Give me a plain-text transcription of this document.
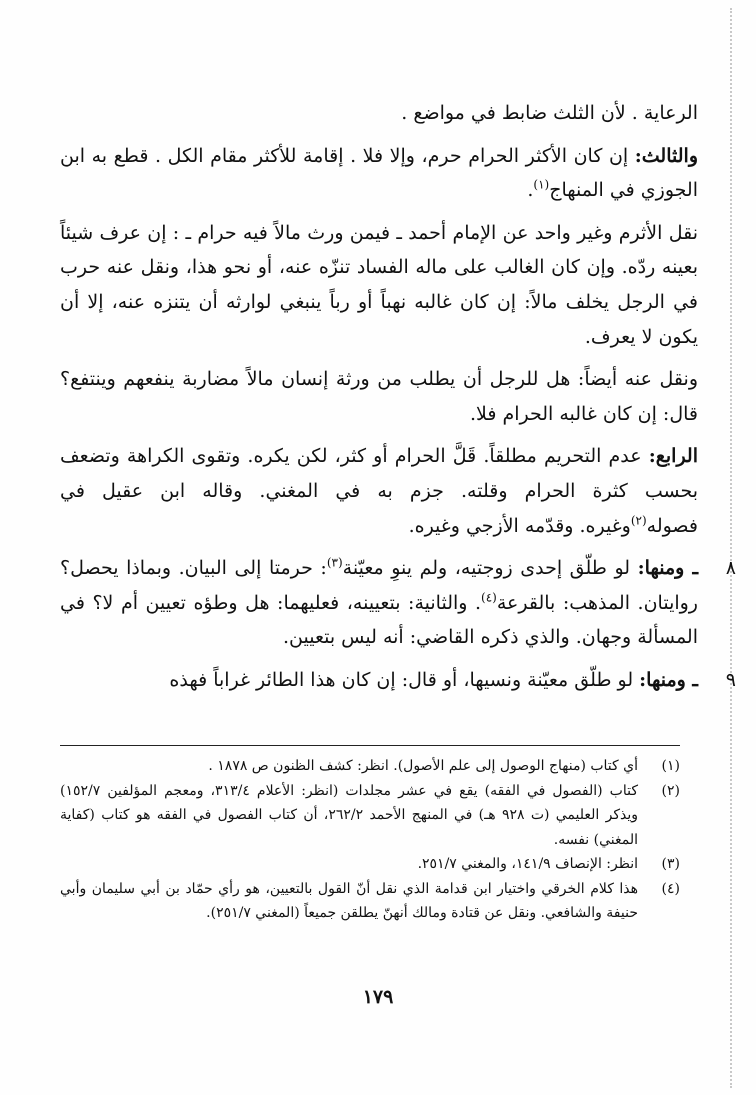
الرعاية . لأن الثلث ضابط في مواضع .

والثالث: إن كان الأكثر الحرام حرم، وإلا فلا . إقامة للأكثر مقام الكل . قطع به ابن الجوزي في المنهاج$^{(١)}$.

نقل الأثرم وغير واحد عن الإمام أحمد ـ فيمن ورث مالاً فيه حرام ـ : إن عرف شيئاً بعينه ردّه. وإن كان الغالب على ماله الفساد تنزّه عنه، أو نحو هذا، ونقل عنه حرب في الرجل يخلف مالاً: إن كان غالبه نهباً أو رباً ينبغي لوارثه أن يتنزه عنه، إلا أن يكون لا يعرف.

ونقل عنه أيضاً: هل للرجل أن يطلب من ورثة إنسان مالاً مضاربة ينفعهم وينتفع؟ قال: إن كان غالبه الحرام فلا.

الرابع: عدم التحريم مطلقاً. قَلَّ الحرام أو كثر، لكن يكره. وتقوى الكراهة وتضعف بحسب كثرة الحرام وقلته. جزم به في المغني. وقاله ابن عقيل في فصوله$^{(٢)}$وغيره. وقدّمه الأزجي وغيره.

٨
ـ ومنها: لو طلّق إحدى زوجتيه، ولم ينوِ معيّنة$^{(٣)}$: حرمتا إلى البيان. وبماذا يحصل؟ روايتان. المذهب: بالقرعة$^{(٤)}$. والثانية: بتعيينه، فعليهما: هل وطؤه تعيين أم لا؟ في المسألة وجهان. والذي ذكره القاضي: أنه ليس بتعيين.

٩
ـ ومنها: لو طلّق معيّنة ونسيها، أو قال: إن كان هذا الطائر غراباً فهذه

(١)
أي كتاب (منهاج الوصول إلى علم الأصول). انظر: كشف الظنون ص ١٨٧٨ .
(٢)
كتاب (الفصول في الفقه) يقع في عشر مجلدات (انظر: الأعلام ٣١٣/٤، ومعجم المؤلفين ١٥٢/٧) ويذكر العليمي (ت ٩٢٨ هـ) في المنهج الأحمد ٢٦٢/٢، أن كتاب الفصول في الفقه هو كتاب (كفاية المغني) نفسه.
(٣)
انظر: الإنصاف ١٤١/٩، والمغني ٢٥١/٧.
(٤)
هذا كلام الخرقي واختيار ابن قدامة الذي نقل أنّ القول بالتعيين، هو رأي حمّاد بن أبي سليمان وأبي حنيفة والشافعي. ونقل عن قتادة ومالك أنهنّ يطلقن جميعاً (المغني ٢٥١/٧).
١٧٩
